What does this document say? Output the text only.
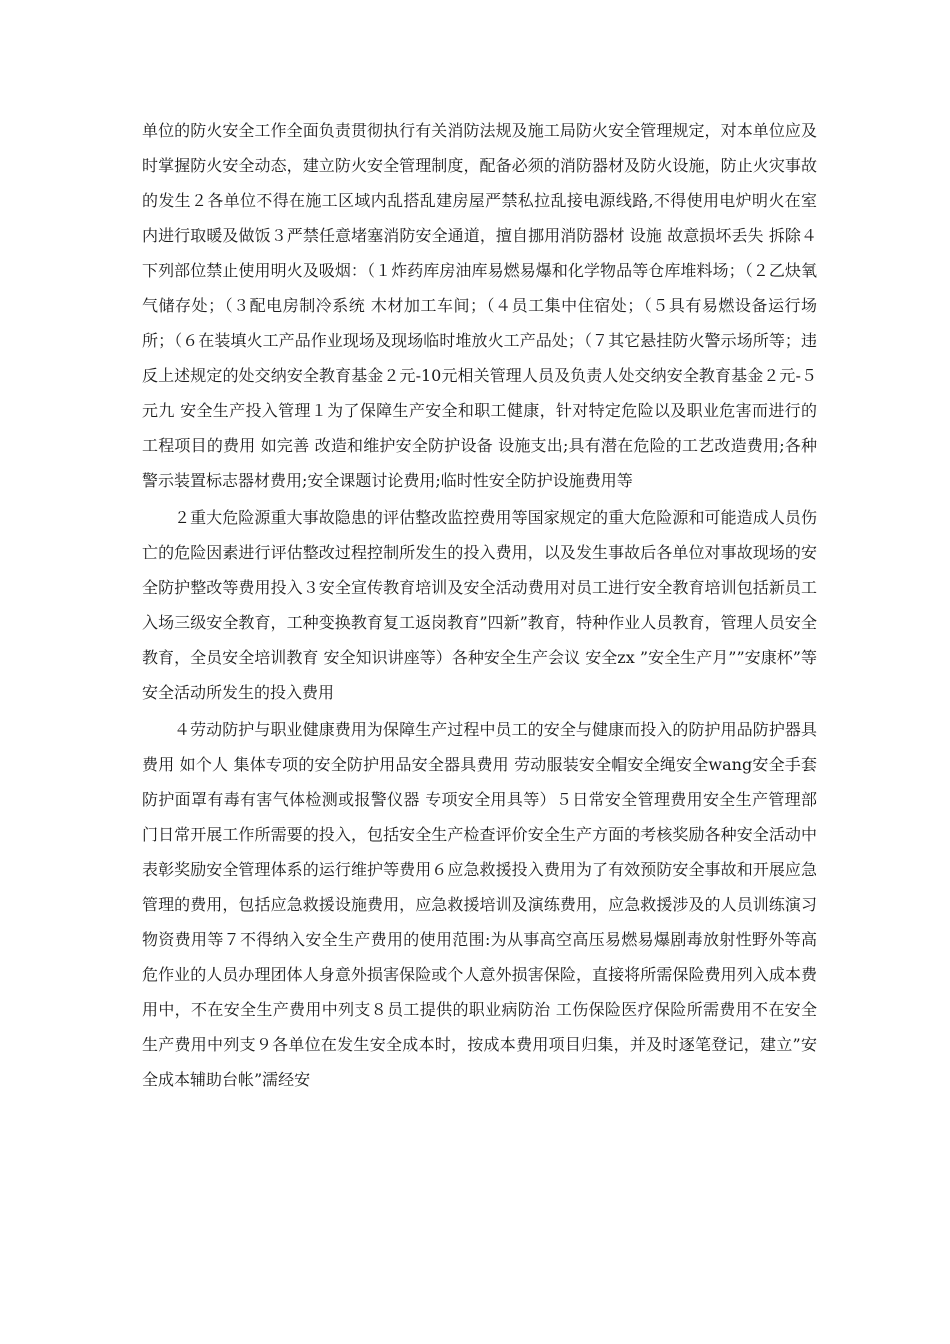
单位的防火安全工作全面负责贯彻执行有关消防法规及施工局防火安全管理规定，对本单位应及时掌握防火安全动态，建立防火安全管理制度，配备必须的消防器材及防火设施，防止火灾事故的发生２各单位不得在施工区域内乱搭乱建房屋严禁私拉乱接电源线路,不得使用电炉明火在室内进行取暖及做饭３严禁任意堵塞消防安全通道，擅自挪用消防器材 设施 故意损坏丢失 拆除４下列部位禁止使用明火及吸烟：（１炸药库房油库易燃易爆和化学物品等仓库堆料场；（２乙炔氧气储存处；（３配电房制冷系统 木材加工车间；（４员工集中住宿处；（５具有易燃设备运行场所；（６在装填火工产品作业现场及现场临时堆放火工产品处；（７其它悬挂防火警示场所等；违反上述规定的处交纳安全教育基金２元-10元相关管理人员及负责人处交纳安全教育基金２元-５元九 安全生产投入管理１为了保障生产安全和职工健康，针对特定危险以及职业危害而进行的工程项目的费用 如完善 改造和维护安全防护设备 设施支出;具有潜在危险的工艺改造费用;各种警示装置标志器材费用;安全课题讨论费用;临时性安全防护设施费用等

２重大危险源重大事故隐患的评估整改监控费用等国家规定的重大危险源和可能造成人员伤亡的危险因素进行评估整改过程控制所发生的投入费用，以及发生事故后各单位对事故现场的安全防护整改等费用投入３安全宣传教育培训及安全活动费用对员工进行安全教育培训包括新员工入场三级安全教育，工种变换教育复工返岗教育”四新”教育，特种作业人员教育，管理人员安全教育，全员安全培训教育 安全知识讲座等）各种安全生产会议 安全zx ”安全生产月””安康杯”等安全活动所发生的投入费用

４劳动防护与职业健康费用为保障生产过程中员工的安全与健康而投入的防护用品防护器具费用 如个人 集体专项的安全防护用品安全器具费用 劳动服装安全帽安全绳安全wang安全手套防护面罩有毒有害气体检测或报警仪器 专项安全用具等）５日常安全管理费用安全生产管理部门日常开展工作所需要的投入，包括安全生产检查评价安全生产方面的考核奖励各种安全活动中表彰奖励安全管理体系的运行维护等费用６应急救援投入费用为了有效预防安全事故和开展应急管理的费用，包括应急救援设施费用，应急救援培训及演练费用，应急救援涉及的人员训练演习物资费用等７不得纳入安全生产费用的使用范围:为从事高空高压易燃易爆剧毒放射性野外等高危作业的人员办理团体人身意外损害保险或个人意外损害保险，直接将所需保险费用列入成本费用中，不在安全生产费用中列支８员工提供的职业病防治 工伤保险医疗保险所需费用不在安全生产费用中列支９各单位在发生安全成本时，按成本费用项目归集，并及时逐笔登记，建立”安全成本辅助台帐”濡经安
